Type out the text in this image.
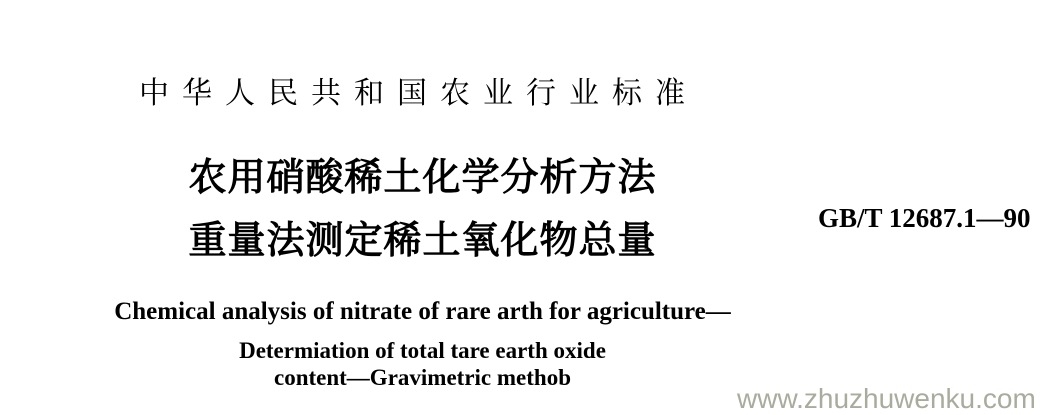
中华人民共和国农业行业标准
农用硝酸稀土化学分析方法
重量法测定稀土氧化物总量
GB/T 12687.1—90
Chemical analysis of nitrate of rare arth for agriculture—
Determiation of total tare earth oxide
content—Gravimetric methob
www.zhuzhuwenku.com
